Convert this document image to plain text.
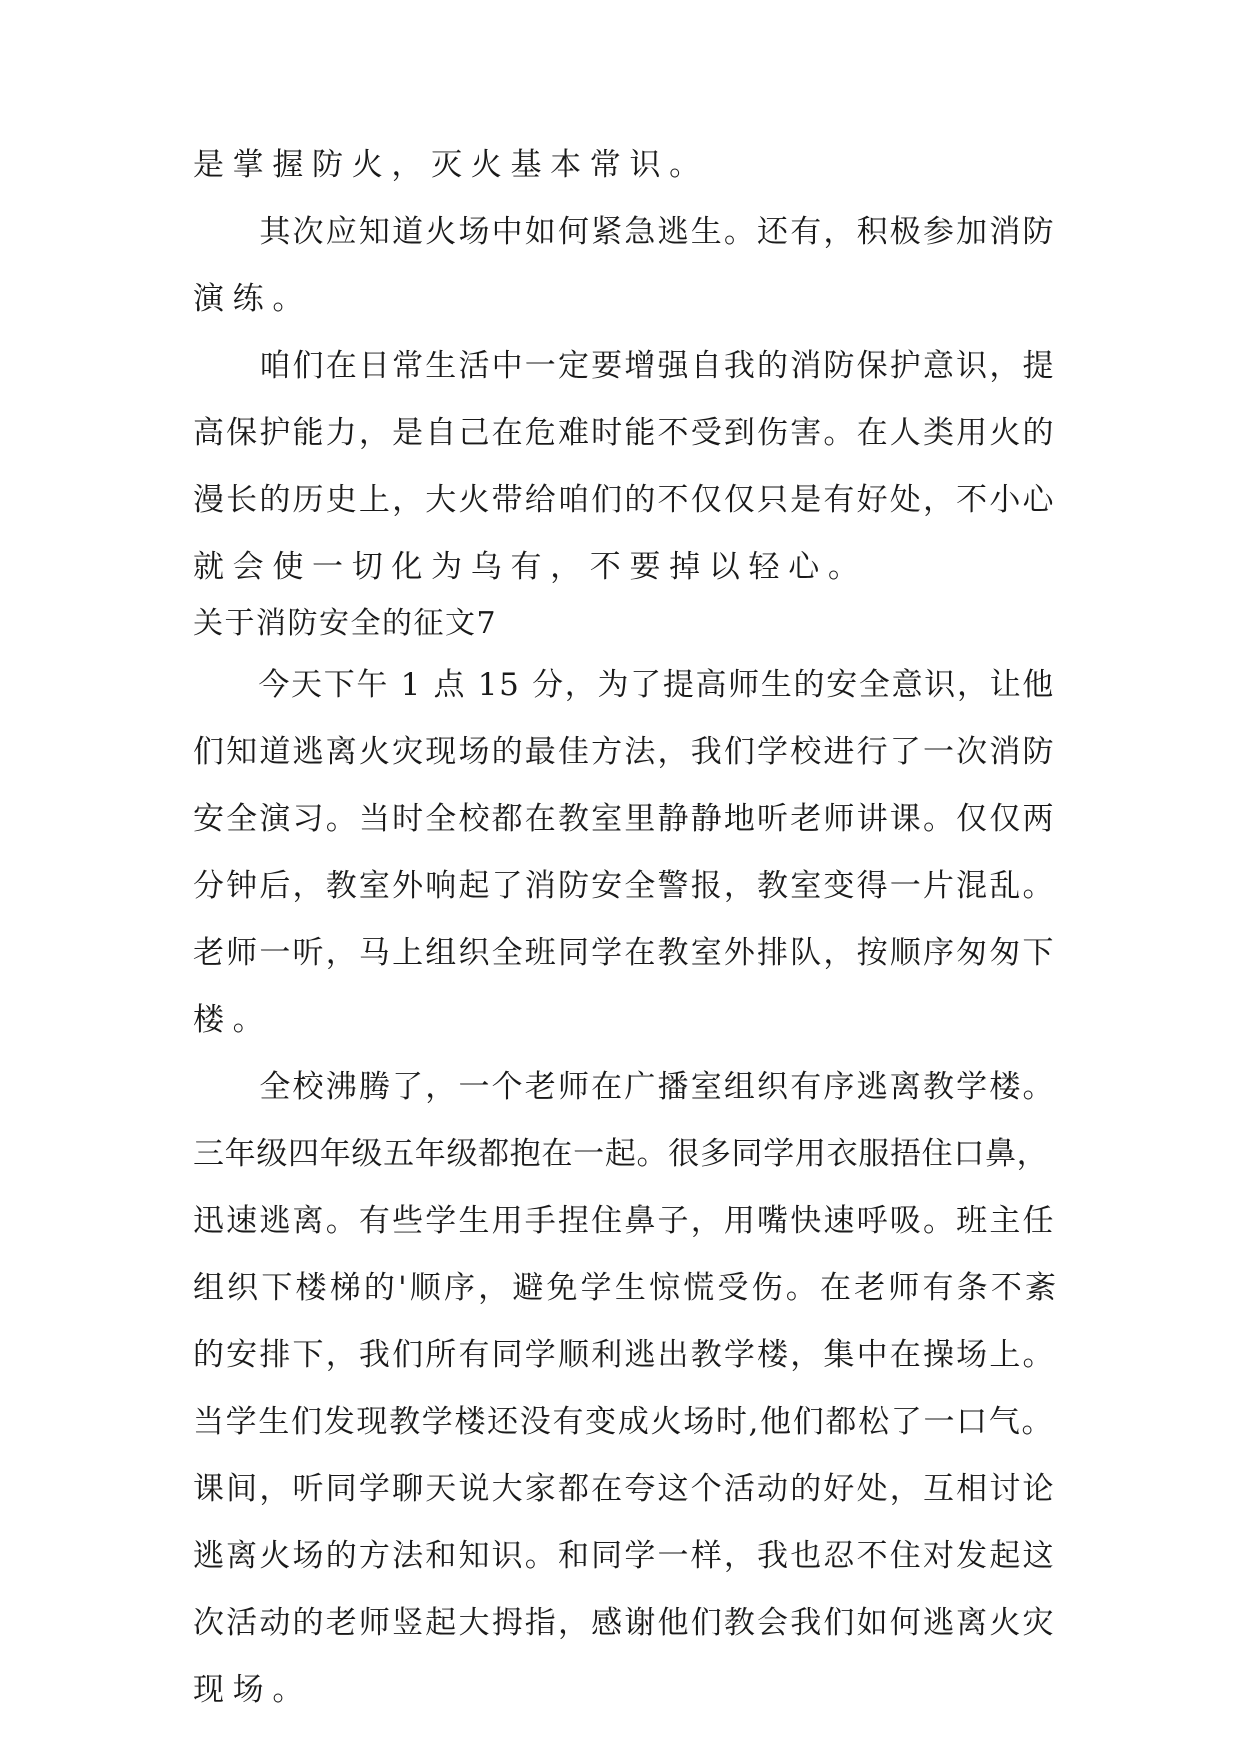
是掌握防火，灭火基本常识。
　　其次应知道火场中如何紧急逃生。还有，积极参加消防
演练。
　　咱们在日常生活中一定要增强自我的消防保护意识，提
高保护能力，是自己在危难时能不受到伤害。在人类用火的
漫长的历史上，大火带给咱们的不仅仅只是有好处，不小心
就会使一切化为乌有，不要掉以轻心。
关于消防安全的征文7
　　今天下午 1 点 15 分，为了提高师生的安全意识，让他
们知道逃离火灾现场的最佳方法，我们学校进行了一次消防
安全演习。当时全校都在教室里静静地听老师讲课。仅仅两
分钟后，教室外响起了消防安全警报，教室变得一片混乱。
老师一听，马上组织全班同学在教室外排队，按顺序匆匆下
楼。
　　全校沸腾了，一个老师在广播室组织有序逃离教学楼。
三年级四年级五年级都抱在一起。很多同学用衣服捂住口鼻，
迅速逃离。有些学生用手捏住鼻子，用嘴快速呼吸。班主任
组织下楼梯的'顺序，避免学生惊慌受伤。在老师有条不紊
的安排下，我们所有同学顺利逃出教学楼，集中在操场上。
当学生们发现教学楼还没有变成火场时,他们都松了一口气。
课间，听同学聊天说大家都在夸这个活动的好处，互相讨论
逃离火场的方法和知识。和同学一样，我也忍不住对发起这
次活动的老师竖起大拇指，感谢他们教会我们如何逃离火灾
现场。
